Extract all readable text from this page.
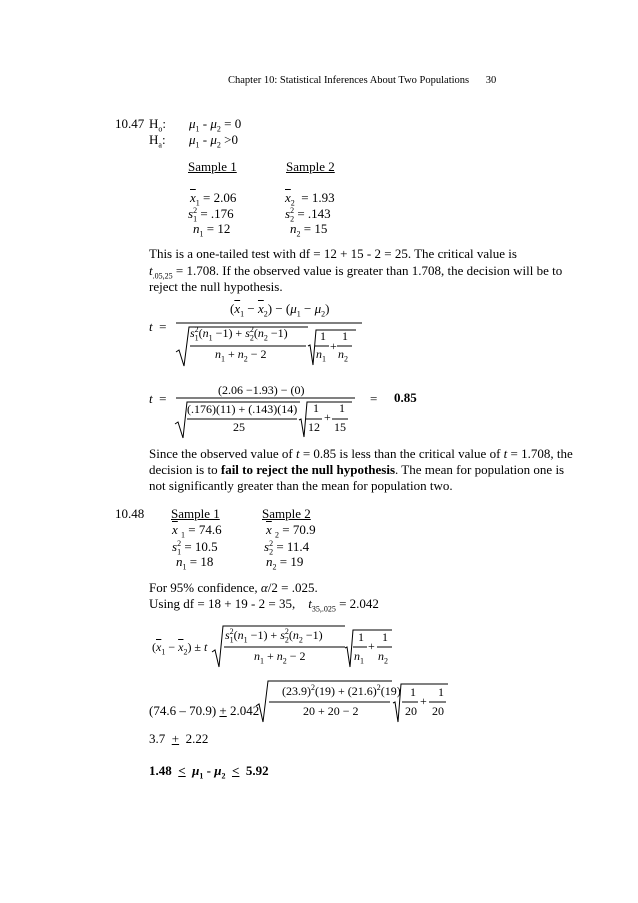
Chapter 10: Statistical Inferences About Two Populations 30
10.47 $H_o$: $\mu_1 - \mu_2 = 0$
$H_a$: $\mu_1 - \mu_2 >0$
Sample 1	Sample 2
$\overline{x}_1 = 2.06$	$\overline{x}_2 = 1.93$
$s_1^2 = .176$	$s_2^2 = .143$
$n_1 = 12$	$n_2 = 15$
This is a one-tailed test with df = 12 + 15 - 2 = 25. The critical value is
$t_{.05,25} = 1.708$. If the observed value is greater than 1.708, the decision will be to
reject the null hypothesis.
t  =
$(\overline{x}_1 - \overline{x}_2) - (\mu_1 - \mu_2)$
$s_1^2(n_1 -1) + s_2^2(n_2 -1)$
$n_1 + n_2 - 2$
1
$n_1$
1
$n_2$
+
t  =
(2.06 −1.93) − (0)
(.176)(11) + (.143)(14)
25
1
12
+
1
15
= 0.85
Since the observed value of t = 0.85 is less than the critical value of t = 1.708, the
decision is to fail to reject the null hypothesis. The mean for population one is
not significantly greater than the mean for population two.
10.48 Sample 1	Sample 2
$\overline{x}$ $_1$ = 74.6	$\overline{x}$ $_2$ = 70.9
$s_1^2 = 10.5$	$s_2^2 = 11.4$
$n_1 = 18$	$n_2 = 19$
For 95% confidence, α/2 = .025.
Using df = 18 + 19 - 2 = 35,    $t_{35,.025} = 2.042$
$(\overline{x}_1 - \overline{x}_2) \pm t$
$s_1^2(n_1 -1) + s_2^2(n_2 -1)$
$n_1 + n_2 - 2$
1
$n_1$
+
1
$n_2$
(74.6 – 70.9) + 2.042
$(23.9)^2(19) + (21.6)^2(19)$
20 + 20 − 2
1
20
+
1
20
3.7  +  2.22
$1.48 < \mu_1 - \mu_2 < 5.92$
